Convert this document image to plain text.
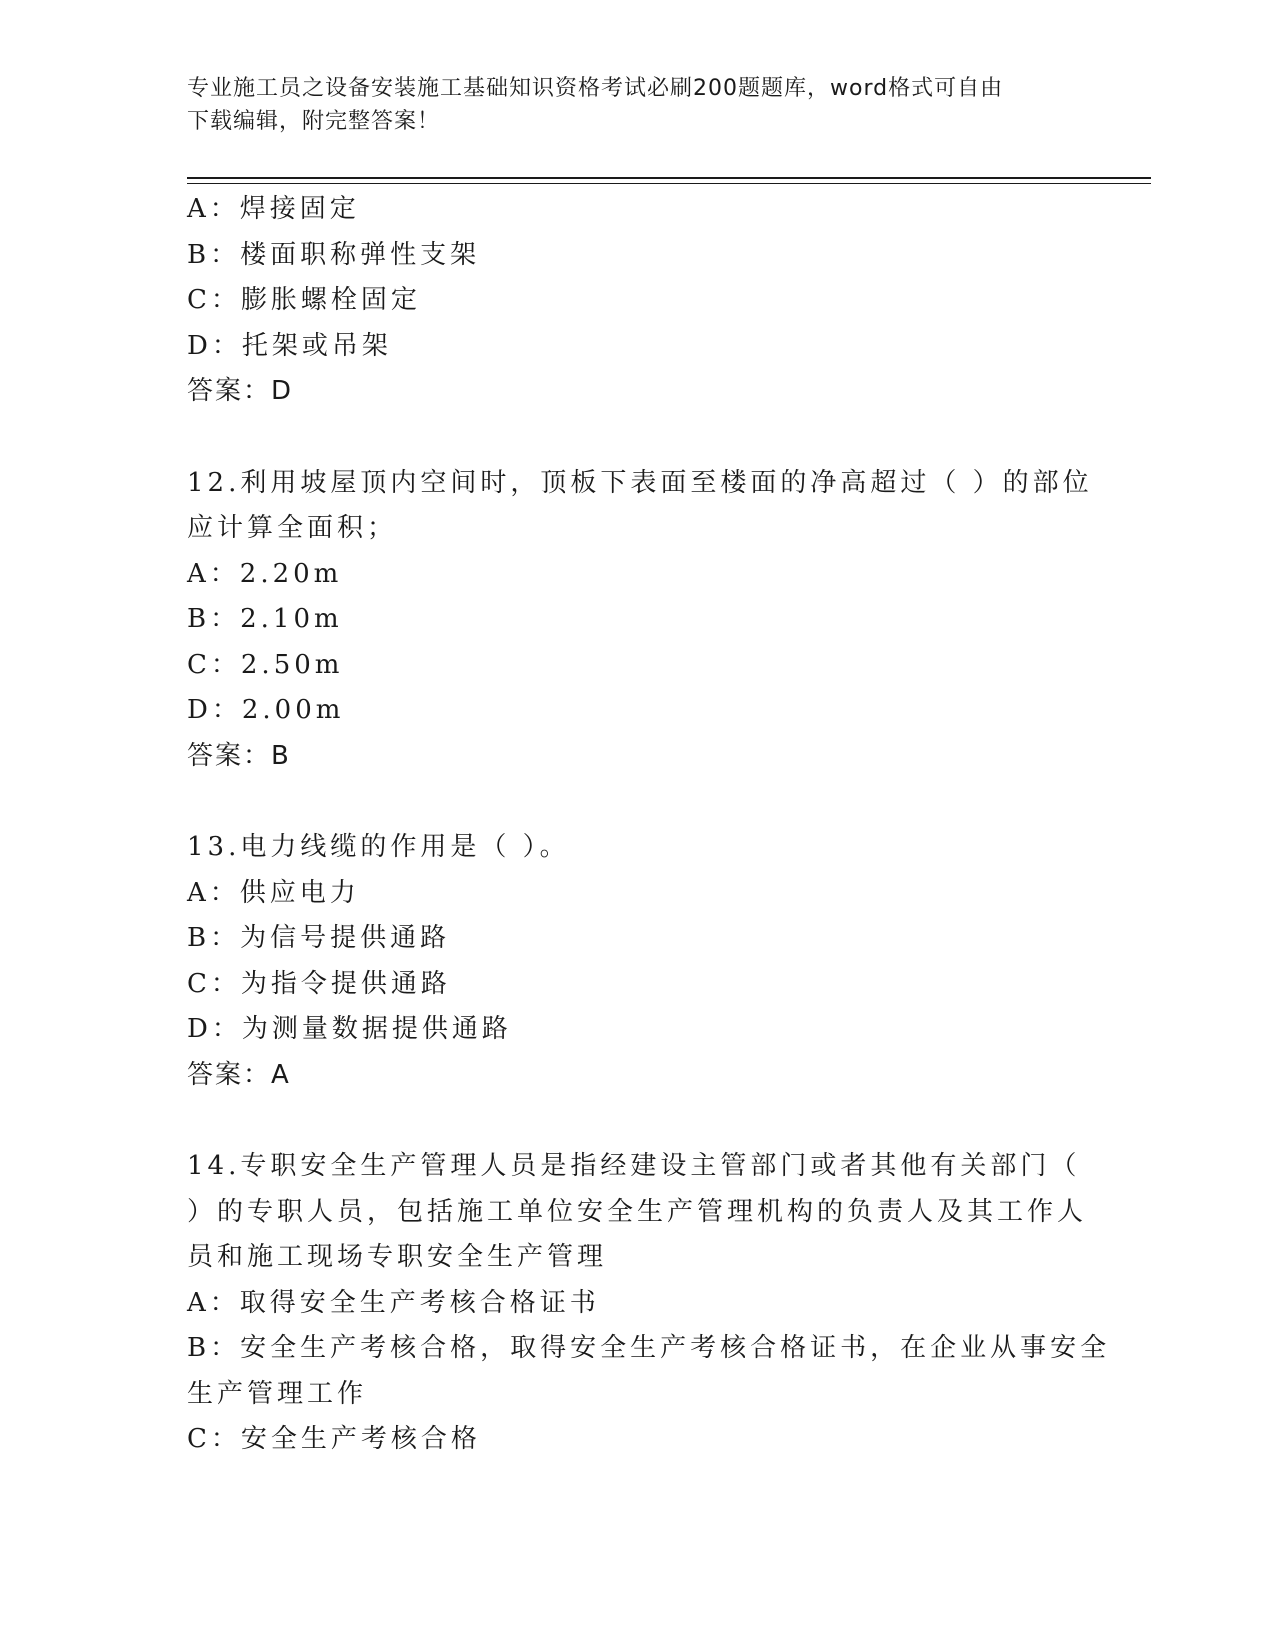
专业施工员之设备安装施工基础知识资格考试必刷200题题库，word格式可自由
下载编辑，附完整答案！
A：焊接固定
B：楼面职称弹性支架
C：膨胀螺栓固定
D：托架或吊架
答案：D
12.利用坡屋顶内空间时，顶板下表面至楼面的净高超过（ ）的部位
应计算全面积；
A：2.20m
B：2.10m
C：2.50m
D：2.00m
答案：B
13.电力线缆的作用是（ ）。
A：供应电力
B：为信号提供通路
C：为指令提供通路
D：为测量数据提供通路
答案：A
14.专职安全生产管理人员是指经建设主管部门或者其他有关部门（
）的专职人员，包括施工单位安全生产管理机构的负责人及其工作人
员和施工现场专职安全生产管理
A：取得安全生产考核合格证书
B：安全生产考核合格，取得安全生产考核合格证书，在企业从事安全
生产管理工作
C：安全生产考核合格
